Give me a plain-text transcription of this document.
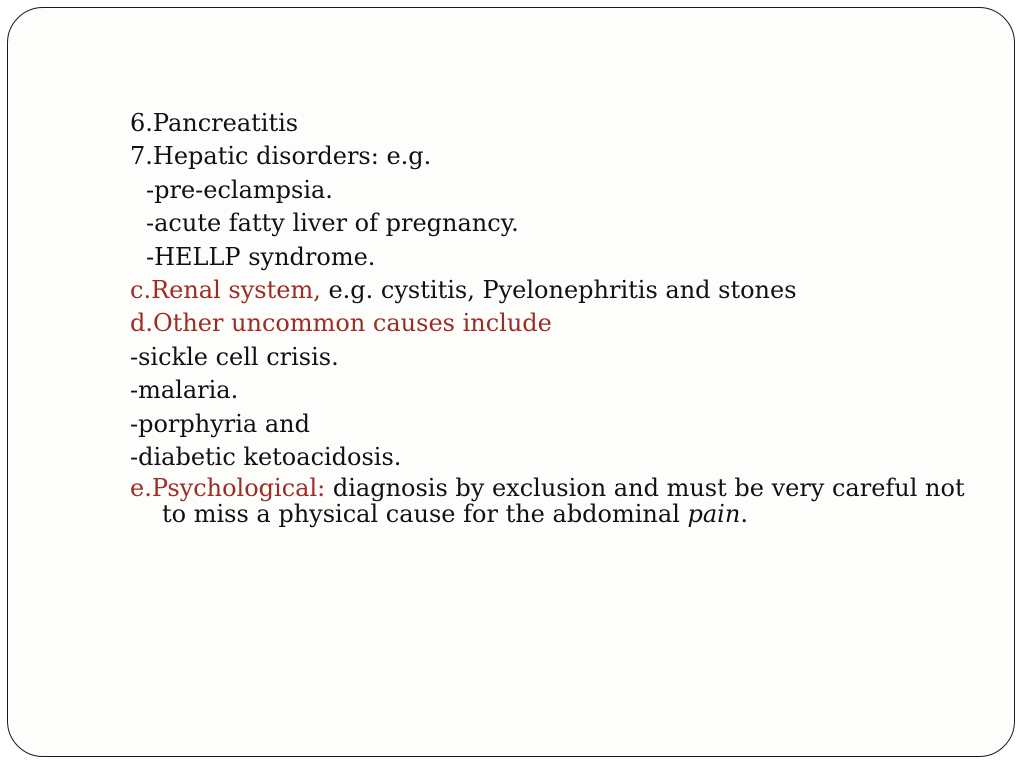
6.Pancreatitis
7.Hepatic disorders: e.g.
-pre-eclampsia.
-acute fatty liver of pregnancy.
-HELLP syndrome.
c.Renal system, e.g. cystitis, Pyelonephritis and stones
d.Other uncommon causes include
-sickle cell crisis.
-malaria.
-porphyria and
-diabetic ketoacidosis.
e.Psychological: diagnosis by exclusion and must be very careful not to miss a physical cause for the abdominal pain.
